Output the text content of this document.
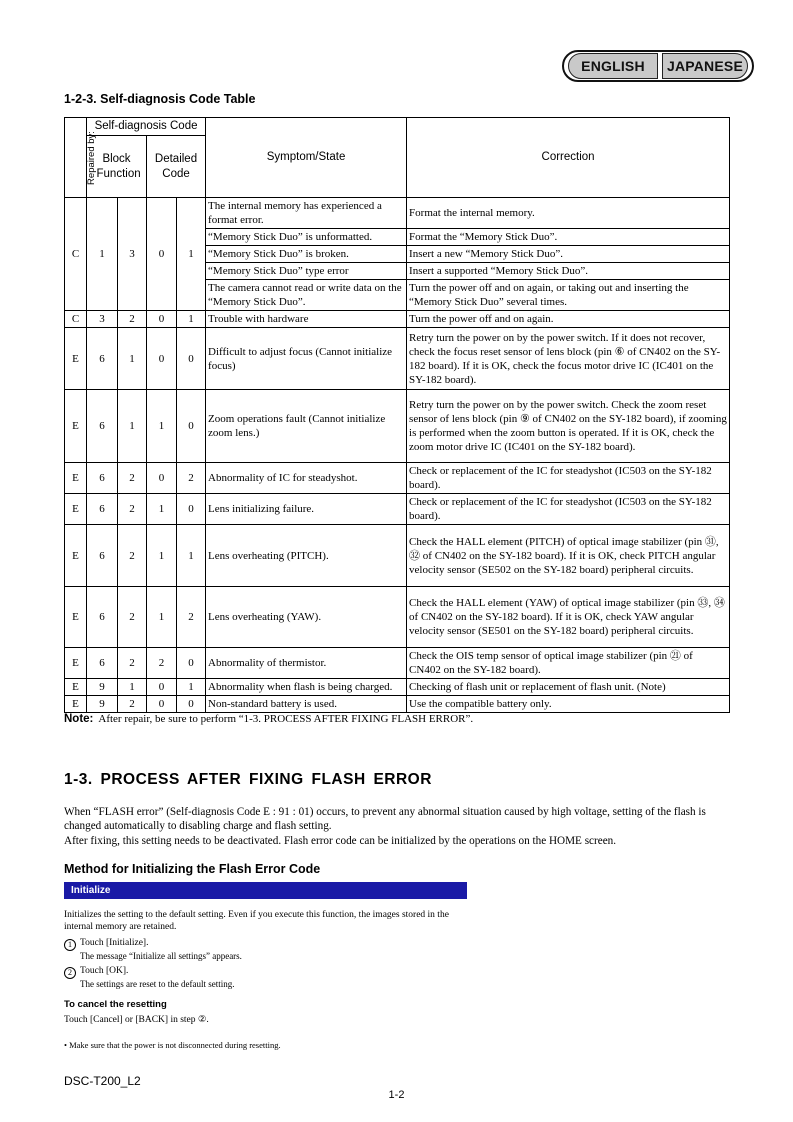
ENGLISH	JAPANESE
1-2-3. Self-diagnosis Code Table
Repaired by:	Self-diagnosis Code				Symptom/State	Correction
	Block Function		Detailed Code			
C	1	3	0	1	The internal memory has experienced a format error.	Format the internal memory.
					“Memory Stick Duo” is unformatted.	Format the “Memory Stick Duo”.
					“Memory Stick Duo” is broken.	Insert a new “Memory Stick Duo”.
					“Memory Stick Duo” type error	Insert a supported “Memory Stick Duo”.
					The camera cannot read or write data on the “Memory Stick Duo”.	Turn the power off and on again, or taking out and inserting the “Memory Stick Duo” several times.
C	3	2	0	1	Trouble with hardware	Turn the power off and on again.
E	6	1	0	0	Difficult to adjust focus (Cannot initialize focus)	Retry turn the power on by the power switch. If it does not recover, check the focus reset sensor of lens block (pin ⑥ of CN402 on the SY-182 board). If it is OK, check the focus motor drive IC (IC401 on the SY-182 board).
E	6	1	1	0	Zoom operations fault (Cannot initialize zoom lens.)	Retry turn the power on by the power switch. Check the zoom reset sensor of lens block (pin ⑨ of CN402 on the SY-182 board), if zooming is performed when the zoom button is operated. If it is OK, check the zoom motor drive IC (IC401 on the SY-182 board).
E	6	2	0	2	Abnormality of IC for steadyshot.	Check or replacement of the IC for steadyshot (IC503 on the SY-182 board).
E	6	2	1	0	Lens initializing failure.	Check or replacement of the IC for steadyshot (IC503 on the SY-182 board).
E	6	2	1	1	Lens overheating (PITCH).	Check the HALL element (PITCH) of optical image stabilizer (pin ㉛, ㉜ of CN402 on the SY-182 board). If it is OK, check PITCH angular velocity sensor (SE502 on the SY-182 board) peripheral circuits.
E	6	2	1	2	Lens overheating (YAW).	Check the HALL element (YAW) of optical image stabilizer (pin ㉝, ㉞ of CN402 on the SY-182 board). If it is OK, check YAW angular velocity sensor (SE501 on the SY-182 board) peripheral circuits.
E	6	2	2	0	Abnormality of thermistor.	Check the OIS temp sensor of optical image stabilizer (pin ㉑ of CN402 on the SY-182 board).
E	9	1	0	1	Abnormality when flash is being charged.	Checking of flash unit or replacement of flash unit. (Note)
E	9	2	0	0	Non-standard battery is used.	Use the compatible battery only.
Note: After repair, be sure to perform “1-3. PROCESS AFTER FIXING FLASH ERROR”.
1-3. PROCESS AFTER FIXING FLASH ERROR
When “FLASH error” (Self-diagnosis Code E : 91 : 01) occurs, to prevent any abnormal situation caused by high voltage, setting of the flash is changed automatically to disabling charge and flash setting.
After fixing, this setting needs to be deactivated. Flash error code can be initialized by the operations on the HOME screen.
Method for Initializing the Flash Error Code
Initialize
Initializes the setting to the default setting. Even if you execute this function, the images stored in the internal memory are retained.
1 Touch [Initialize].
The message “Initialize all settings” appears.
2 Touch [OK].
The settings are reset to the default setting.
To cancel the resetting
Touch [Cancel] or [BACK] in step ②.
• Make sure that the power is not disconnected during resetting.
DSC-T200_L2
1-2
